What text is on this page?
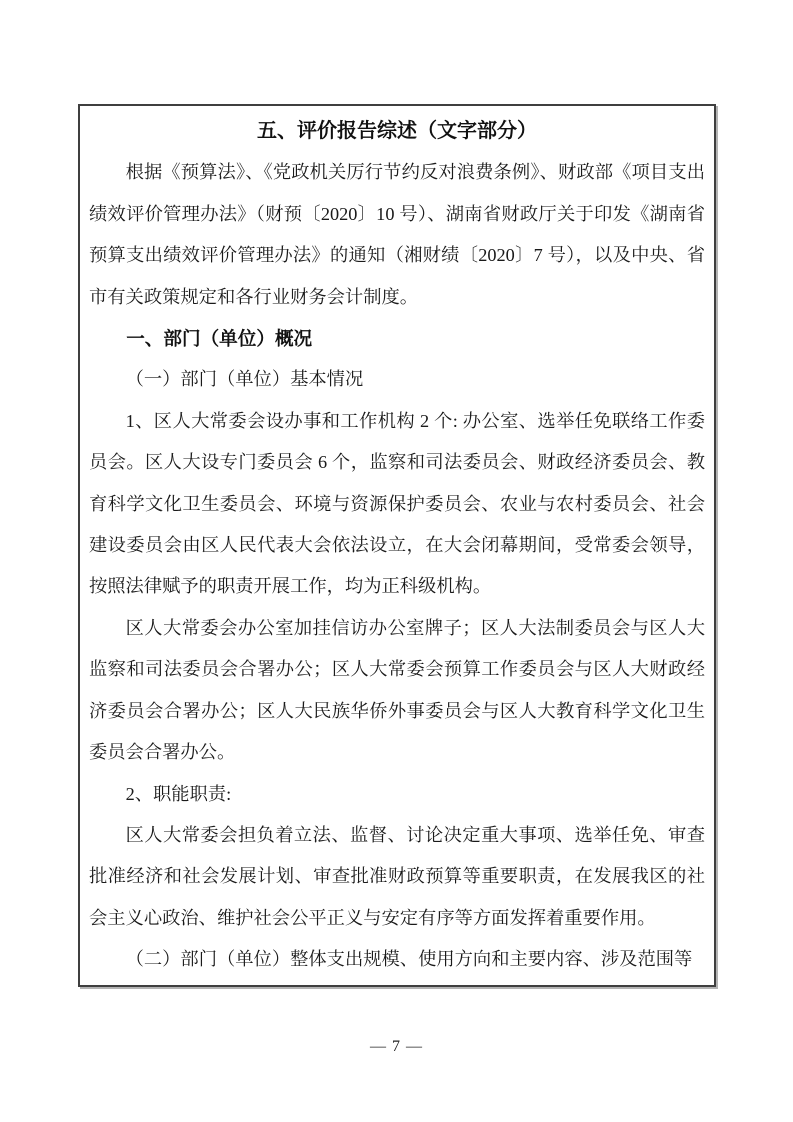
五、评价报告综述（文字部分）

根据《预算法》、《党政机关厉行节约反对浪费条例》、财政部《项目支出绩效评价管理办法》（财预〔2020〕10 号）、湖南省财政厅关于印发《湖南省预算支出绩效评价管理办法》的通知（湘财绩〔2020〕7 号），以及中央、省市有关政策规定和各行业财务会计制度。

一、部门（单位）概况

（一）部门（单位）基本情况

1、区人大常委会设办事和工作机构 2 个: 办公室、选举任免联络工作委员会。区人大设专门委员会 6 个，监察和司法委员会、财政经济委员会、教育科学文化卫生委员会、环境与资源保护委员会、农业与农村委员会、社会建设委员会由区人民代表大会依法设立，在大会闭幕期间，受常委会领导，按照法律赋予的职责开展工作，均为正科级机构。

区人大常委会办公室加挂信访办公室牌子；区人大法制委员会与区人大监察和司法委员会合署办公；区人大常委会预算工作委员会与区人大财政经济委员会合署办公；区人大民族华侨外事委员会与区人大教育科学文化卫生委员会合署办公。

2、职能职责:

区人大常委会担负着立法、监督、讨论决定重大事项、选举任免、审查批准经济和社会发展计划、审查批准财政预算等重要职责，在发展我区的社会主义心政治、维护社会公平正义与安定有序等方面发挥着重要作用。

（二）部门（单位）整体支出规模、使用方向和主要内容、涉及范围等

— 7 —
